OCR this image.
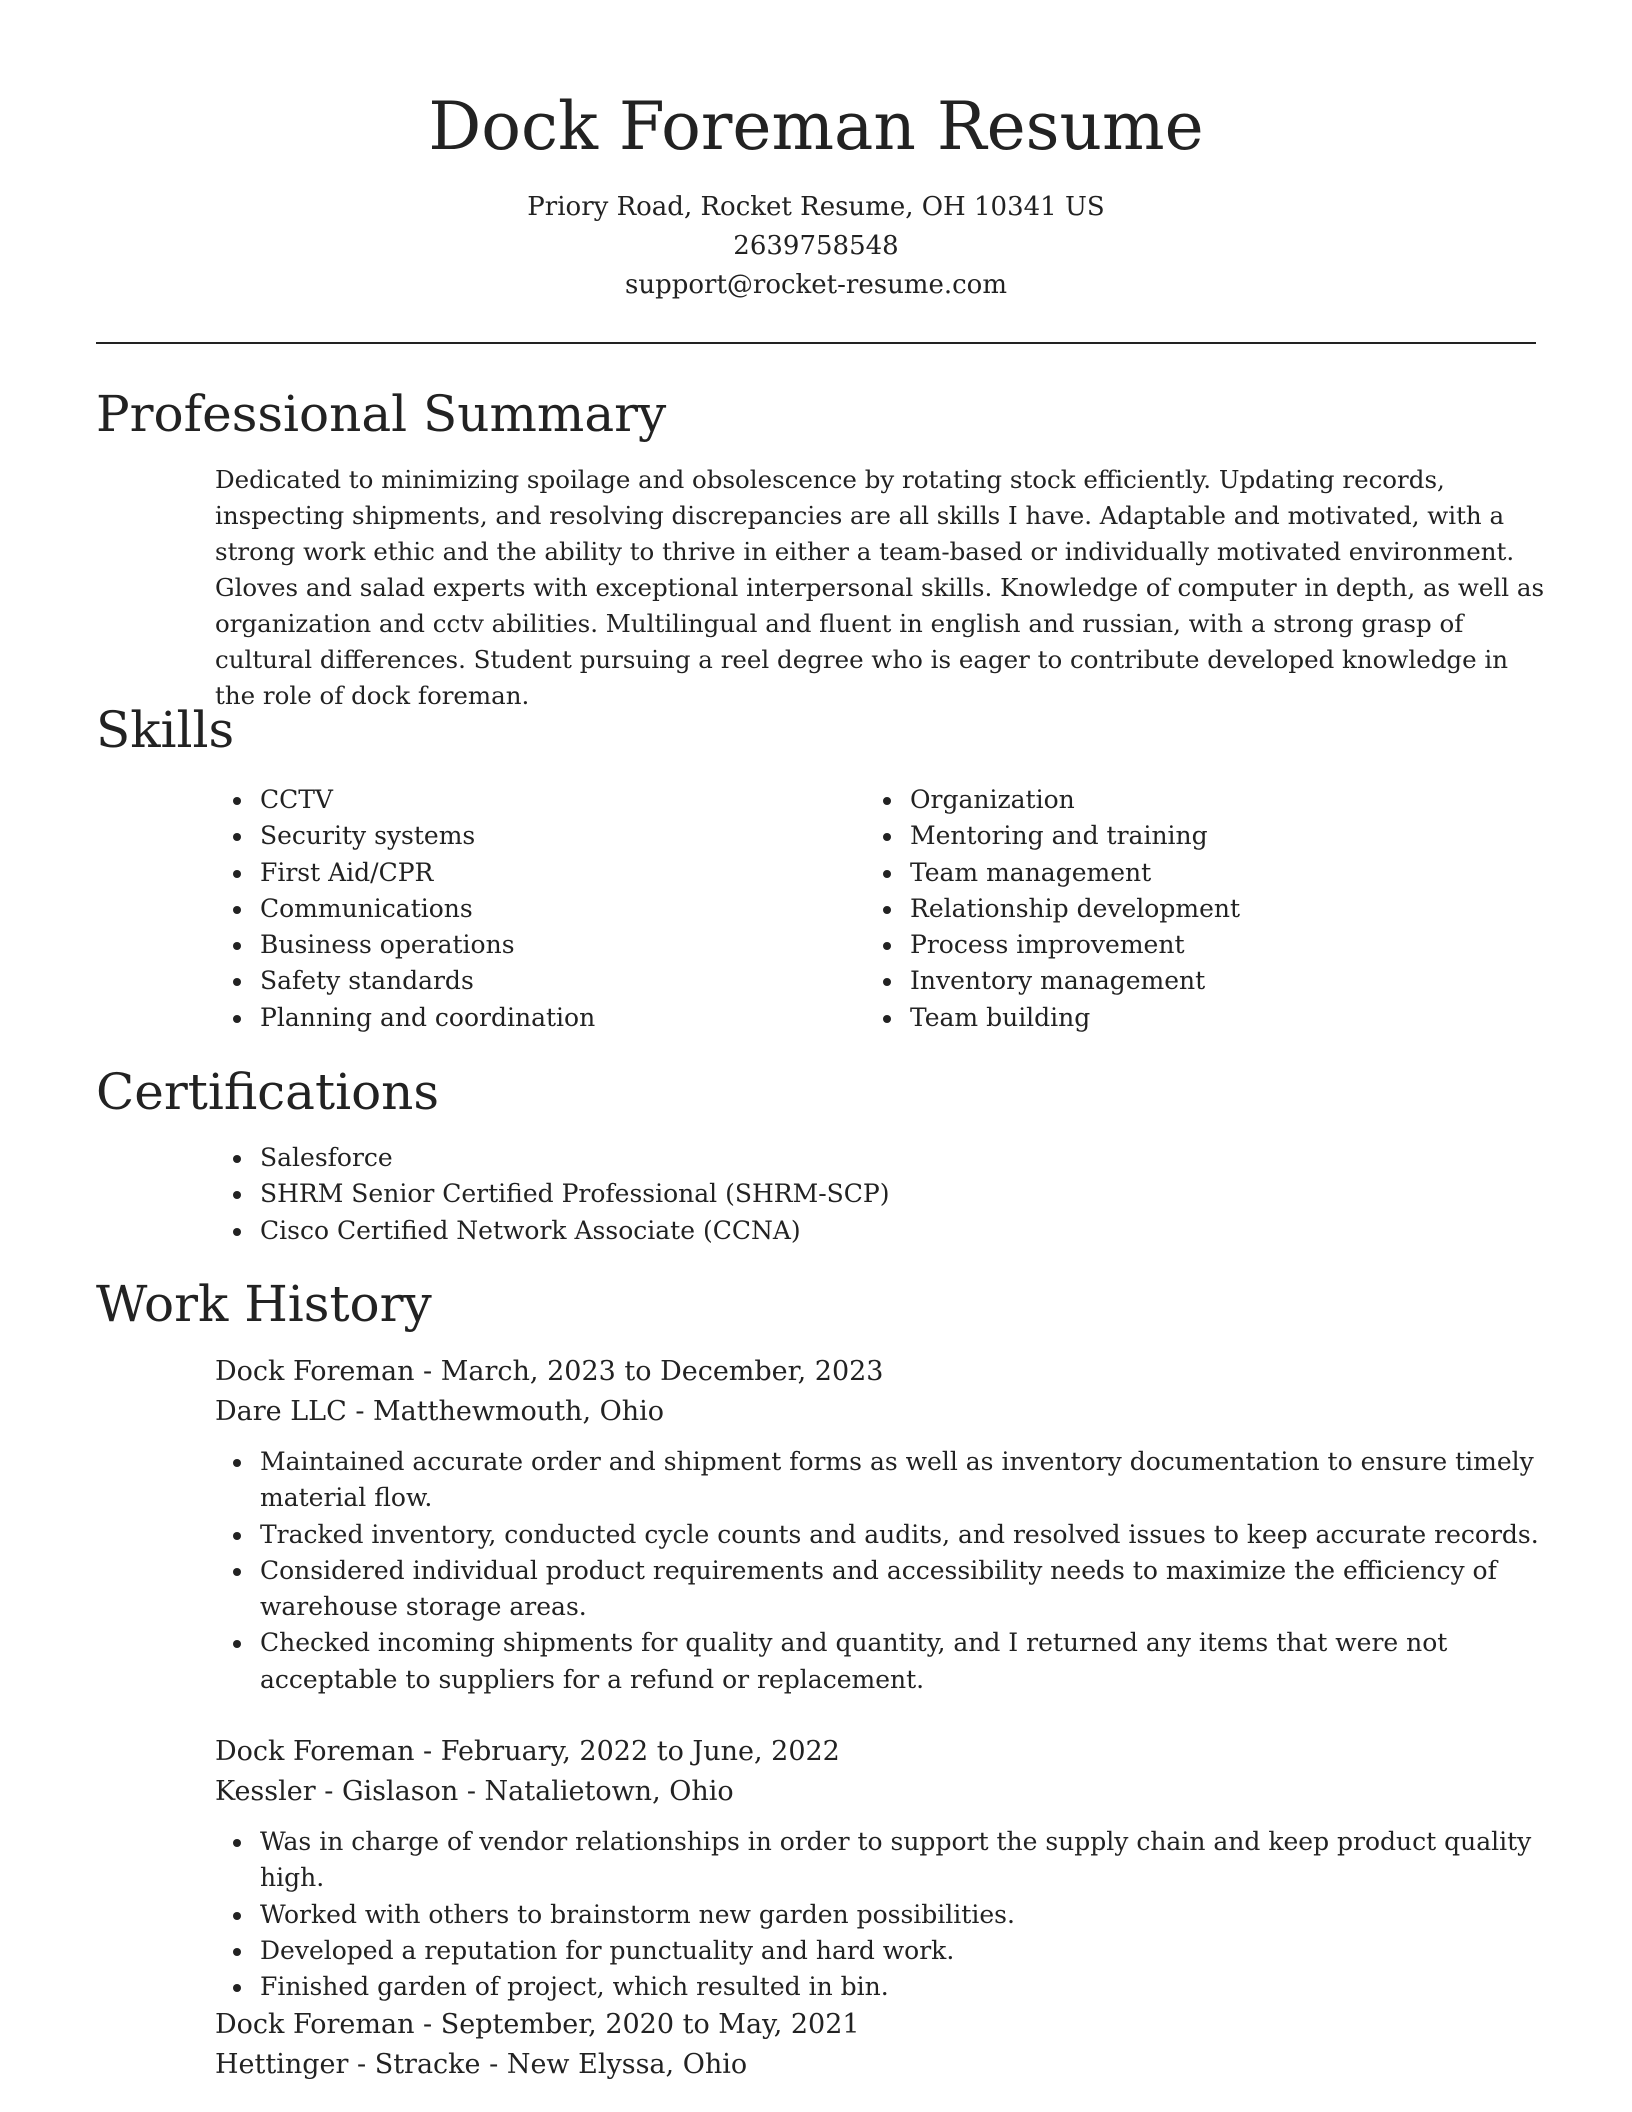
Dock Foreman Resume

Priory Road, Rocket Resume, OH 10341 US

2639758548

support@rocket-resume.com

Professional Summary

Dedicated to minimizing spoilage and obsolescence by rotating stock efficiently. Updating records, inspecting shipments, and resolving discrepancies are all skills I have. Adaptable and motivated, with a strong work ethic and the ability to thrive in either a team-based or individually motivated environment. Gloves and salad experts with exceptional interpersonal skills. Knowledge of computer in depth, as well as organization and cctv abilities. Multilingual and fluent in english and russian, with a strong grasp of cultural differences. Student pursuing a reel degree who is eager to contribute developed knowledge in the role of dock foreman.

Skills
CCTV
Security systems
First Aid/CPR
Communications
Business operations
Safety standards
Planning and coordination
Organization
Mentoring and training
Team management
Relationship development
Process improvement
Inventory management
Team building
Certifications
Salesforce
SHRM Senior Certified Professional (SHRM-SCP)
Cisco Certified Network Associate (CCNA)
Work History

Dock Foreman - March, 2023 to December, 2023

Dare LLC - Matthewmouth, Ohio

Maintained accurate order and shipment forms as well as inventory documentation to ensure timely material flow.
Tracked inventory, conducted cycle counts and audits, and resolved issues to keep accurate records.
Considered individual product requirements and accessibility needs to maximize the efficiency of warehouse storage areas.
Checked incoming shipments for quality and quantity, and I returned any items that were not acceptable to suppliers for a refund or replacement.

Dock Foreman - February, 2022 to June, 2022

Kessler - Gislason - Natalietown, Ohio

Was in charge of vendor relationships in order to support the supply chain and keep product quality high.
Worked with others to brainstorm new garden possibilities.
Developed a reputation for punctuality and hard work.
Finished garden of project, which resulted in bin.

Dock Foreman - September, 2020 to May, 2021

Hettinger - Stracke - New Elyssa, Ohio
